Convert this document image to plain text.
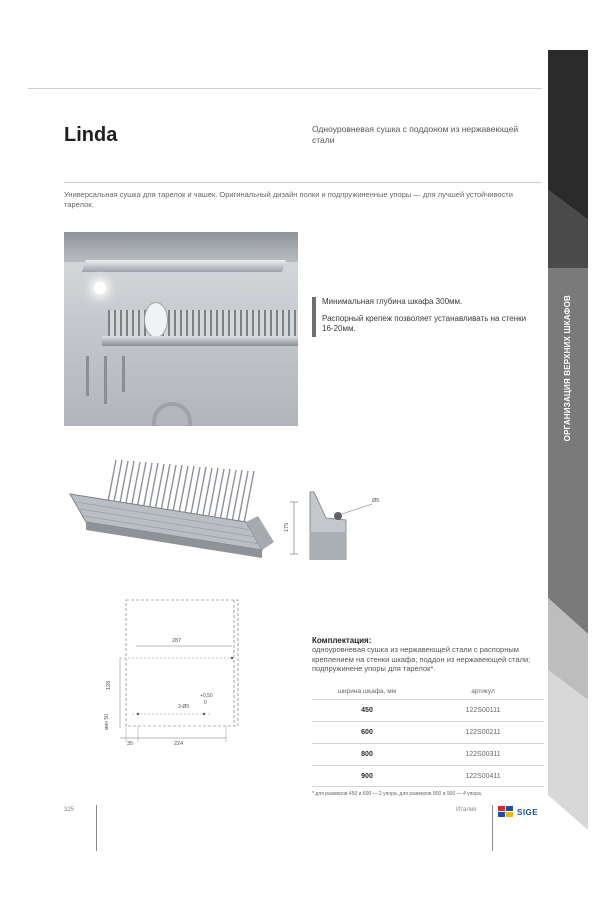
Linda	Одноуровневая сушка с поддоном из нержавеющей стали

Универсальная сушка для тарелок и чашек. Оригинальный дизайн полки и подпружиненные упоры — для лучшей устойчивости тарелок.

Минимальная глубина шкафа 300мм.

Распорный крепеж позволяет устанавливать на стенки 16-20мм.

175
Ø5
287
128
мин 50
3-Ø5
+0,50
0
35	224
Комплектация:

одноуровневая сушка из нержавеющей стали с распорным креплением на стенки шкафа; поддон из нержавеющей стали; подпружинене упоры для тарелок*.

ширина шкафа, мм	артикул
450	122S00111
600	122S00211
800	122S00311
900	122S00411

* для размеров 450 и 600 — 2 упора, для размеров 800 и 900 — 4 упора.

325	Италия	SIGE
ОРГАНИЗАЦИЯ ВЕРХНИХ ШКАФОВ
